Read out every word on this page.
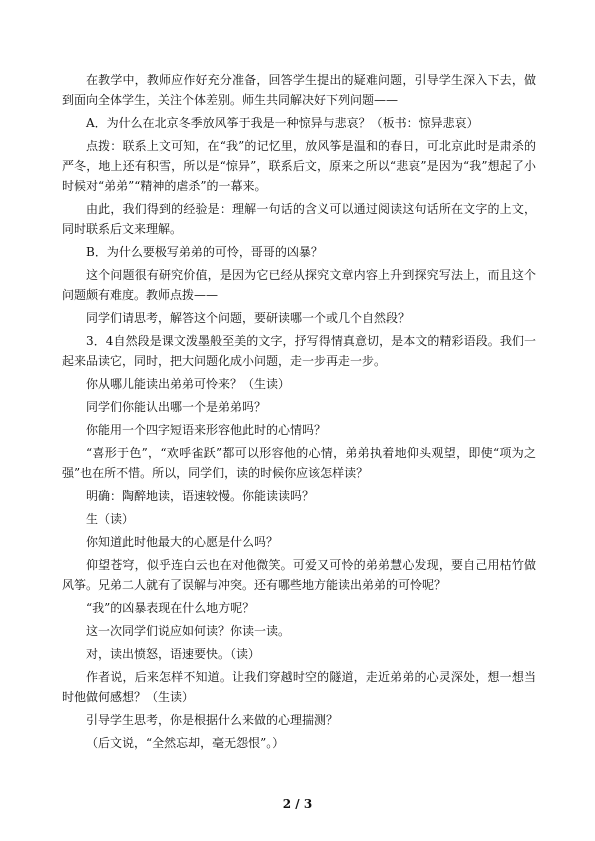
在教学中，教师应作好充分准备，回答学生提出的疑难问题，引导学生深入下去，做到面向全体学生，关注个体差别。师生共同解决好下列问题——

A．为什么在北京冬季放风筝于我是一种惊异与悲哀？（板书：惊异悲哀）

点拨：联系上文可知，在“我”的记忆里，放风筝是温和的春日，可北京此时是肃杀的严冬，地上还有积雪，所以是“惊异”，联系后文，原来之所以“悲哀”是因为“我”想起了小时候对“弟弟”“精神的虐杀”的一幕来。

由此，我们得到的经验是：理解一句话的含义可以通过阅读这句话所在文字的上文，同时联系后文来理解。

B．为什么要极写弟弟的可怜，哥哥的凶暴？

这个问题很有研究价值，是因为它已经从探究文章内容上升到探究写法上，而且这个问题颇有难度。教师点拨——

同学们请思考，解答这个问题，要研读哪一个或几个自然段？

3．4自然段是课文泼墨般至美的文字，抒写得情真意切，是本文的精彩语段。我们一起来品读它，同时，把大问题化成小问题，走一步再走一步。

你从哪儿能读出弟弟可怜来？（生读）

同学们你能认出哪一个是弟弟吗？

你能用一个四字短语来形容他此时的心情吗？

“喜形于色”，“欢呼雀跃”都可以形容他的心情，弟弟执着地仰头观望，即使“项为之强”也在所不惜。所以，同学们，读的时候你应该怎样读？

明确：陶醉地读，语速较慢。你能读读吗？

生（读）

你知道此时他最大的心愿是什么吗？

仰望苍穹，似乎连白云也在对他微笑。可爱又可怜的弟弟慧心发现，要自己用枯竹做风筝。兄弟二人就有了误解与冲突。还有哪些地方能读出弟弟的可怜呢？

“我”的凶暴表现在什么地方呢？

这一次同学们说应如何读？你读一读。

对，读出愤怒，语速要快。（读）

作者说，后来怎样不知道。让我们穿越时空的隧道，走近弟弟的心灵深处，想一想当时他做何感想？（生读）

引导学生思考，你是根据什么来做的心理揣测？

（后文说，“全然忘却，毫无怨恨”。）

2 / 3
